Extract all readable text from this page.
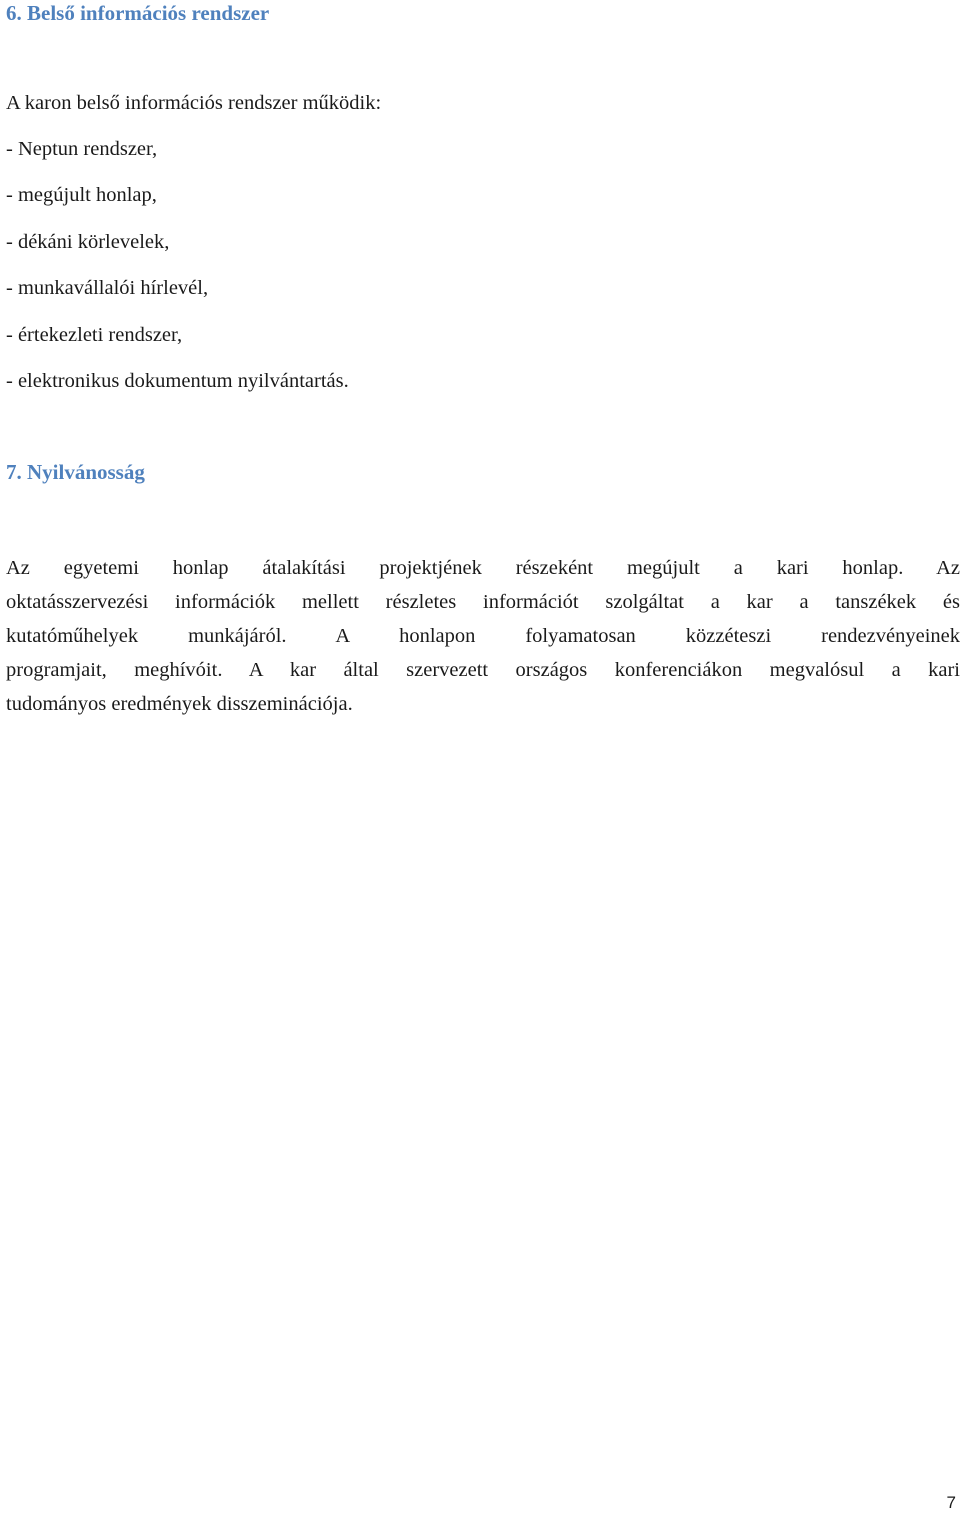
6. Belső információs rendszer

A karon belső információs rendszer működik:

- Neptun rendszer,
- megújult honlap,
- dékáni körlevelek,
- munkavállalói hírlevél,
- értekezleti rendszer,
- elektronikus dokumentum nyilvántartás.
7. Nyilvánosság

Az egyetemi honlap átalakítási projektjének részeként megújult a kari honlap. Az
oktatásszervezési információk mellett részletes információt szolgáltat a kar a tanszékek és
kutatóműhelyek munkájáról. A honlapon folyamatosan közzéteszi rendezvényeinek
programjait, meghívóit. A kar által szervezett országos konferenciákon megvalósul a kari
tudományos eredmények disszeminációja.

7
